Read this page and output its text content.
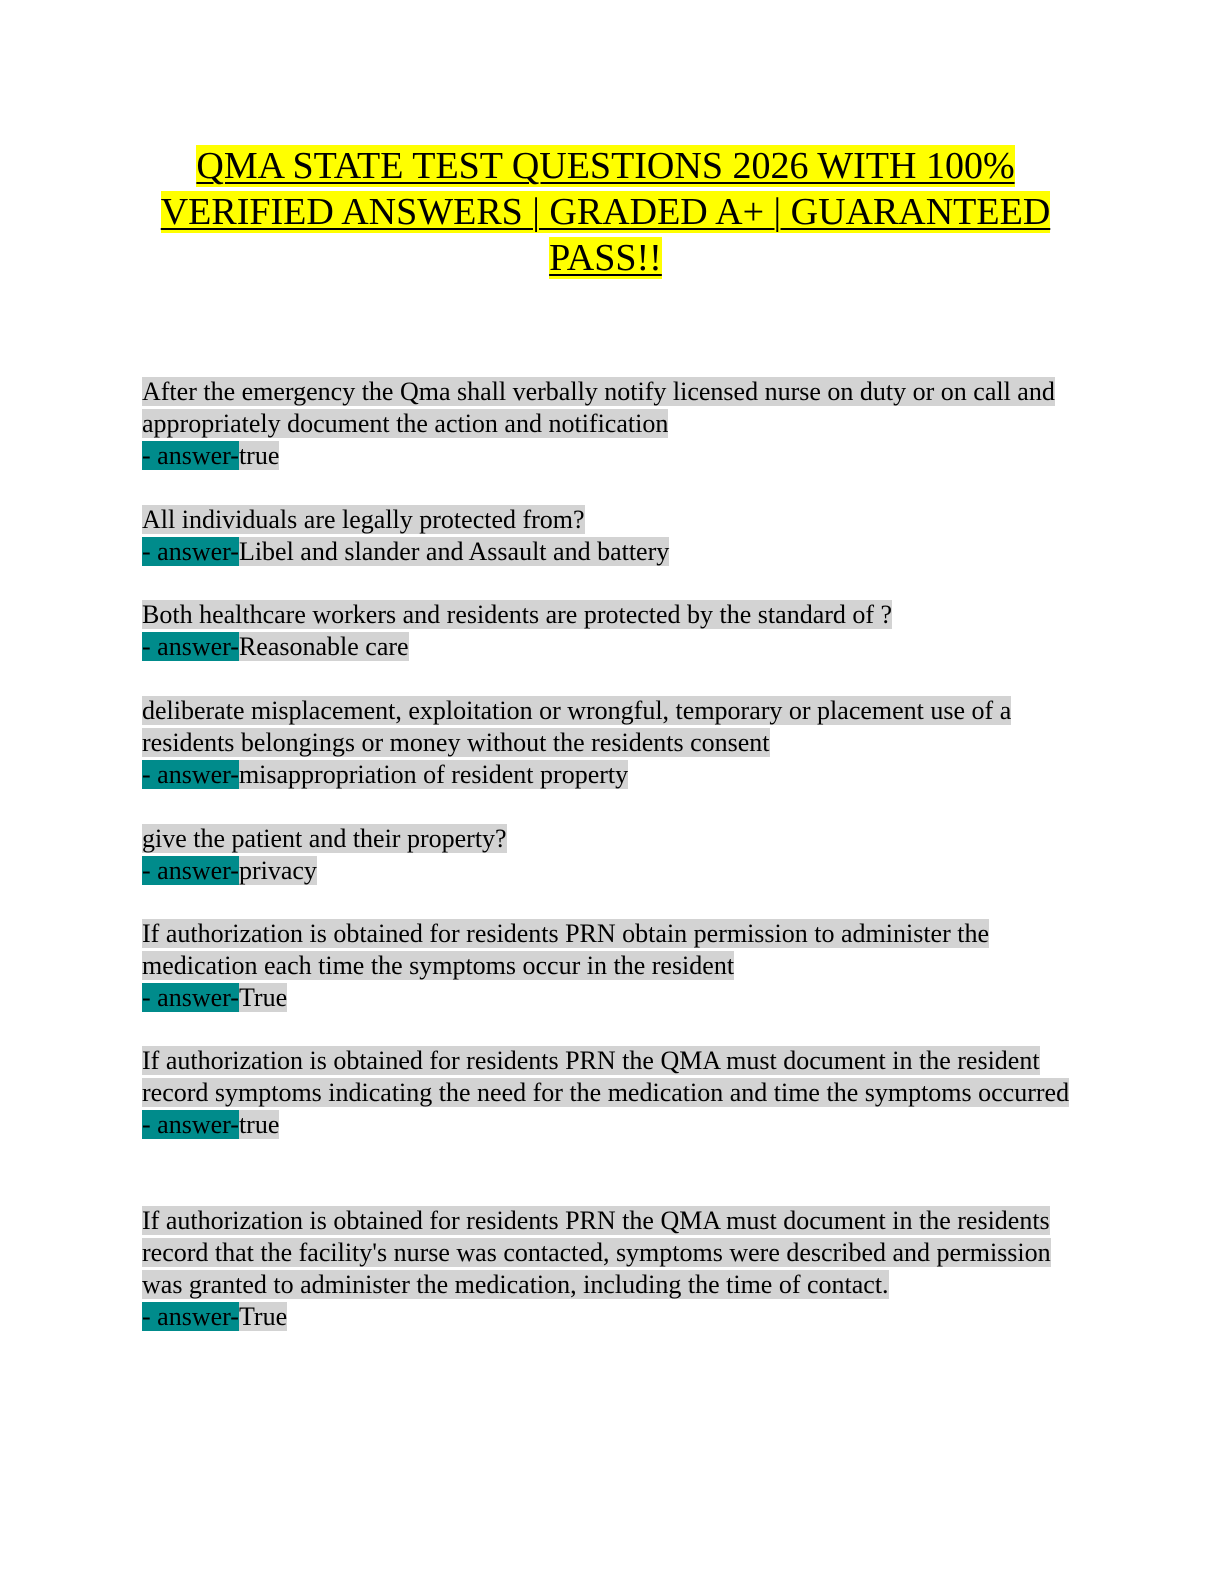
QMA STATE TEST QUESTIONS 2026 WITH 100% VERIFIED ANSWERS | GRADED A+ | GUARANTEED PASS!!
After the emergency the Qma shall verbally notify licensed nurse on duty or on call and appropriately document the action and notification
- answer-true
All individuals are legally protected from?
- answer-Libel and slander and Assault and battery
Both healthcare workers and residents are protected by the standard of ?
- answer-Reasonable care
deliberate misplacement, exploitation or wrongful, temporary or placement use of a residents belongings or money without the residents consent
- answer-misappropriation of resident property
give the patient and their property?
- answer-privacy
If authorization is obtained for residents PRN obtain permission to administer the medication each time the symptoms occur in the resident
- answer-True
If authorization is obtained for residents PRN the QMA must document in the resident record symptoms indicating the need for the medication and time the symptoms occurred
- answer-true
If authorization is obtained for residents PRN the QMA must document in the residents record that the facility's nurse was contacted, symptoms were described and permission was granted to administer the medication, including the time of contact.
- answer-True
